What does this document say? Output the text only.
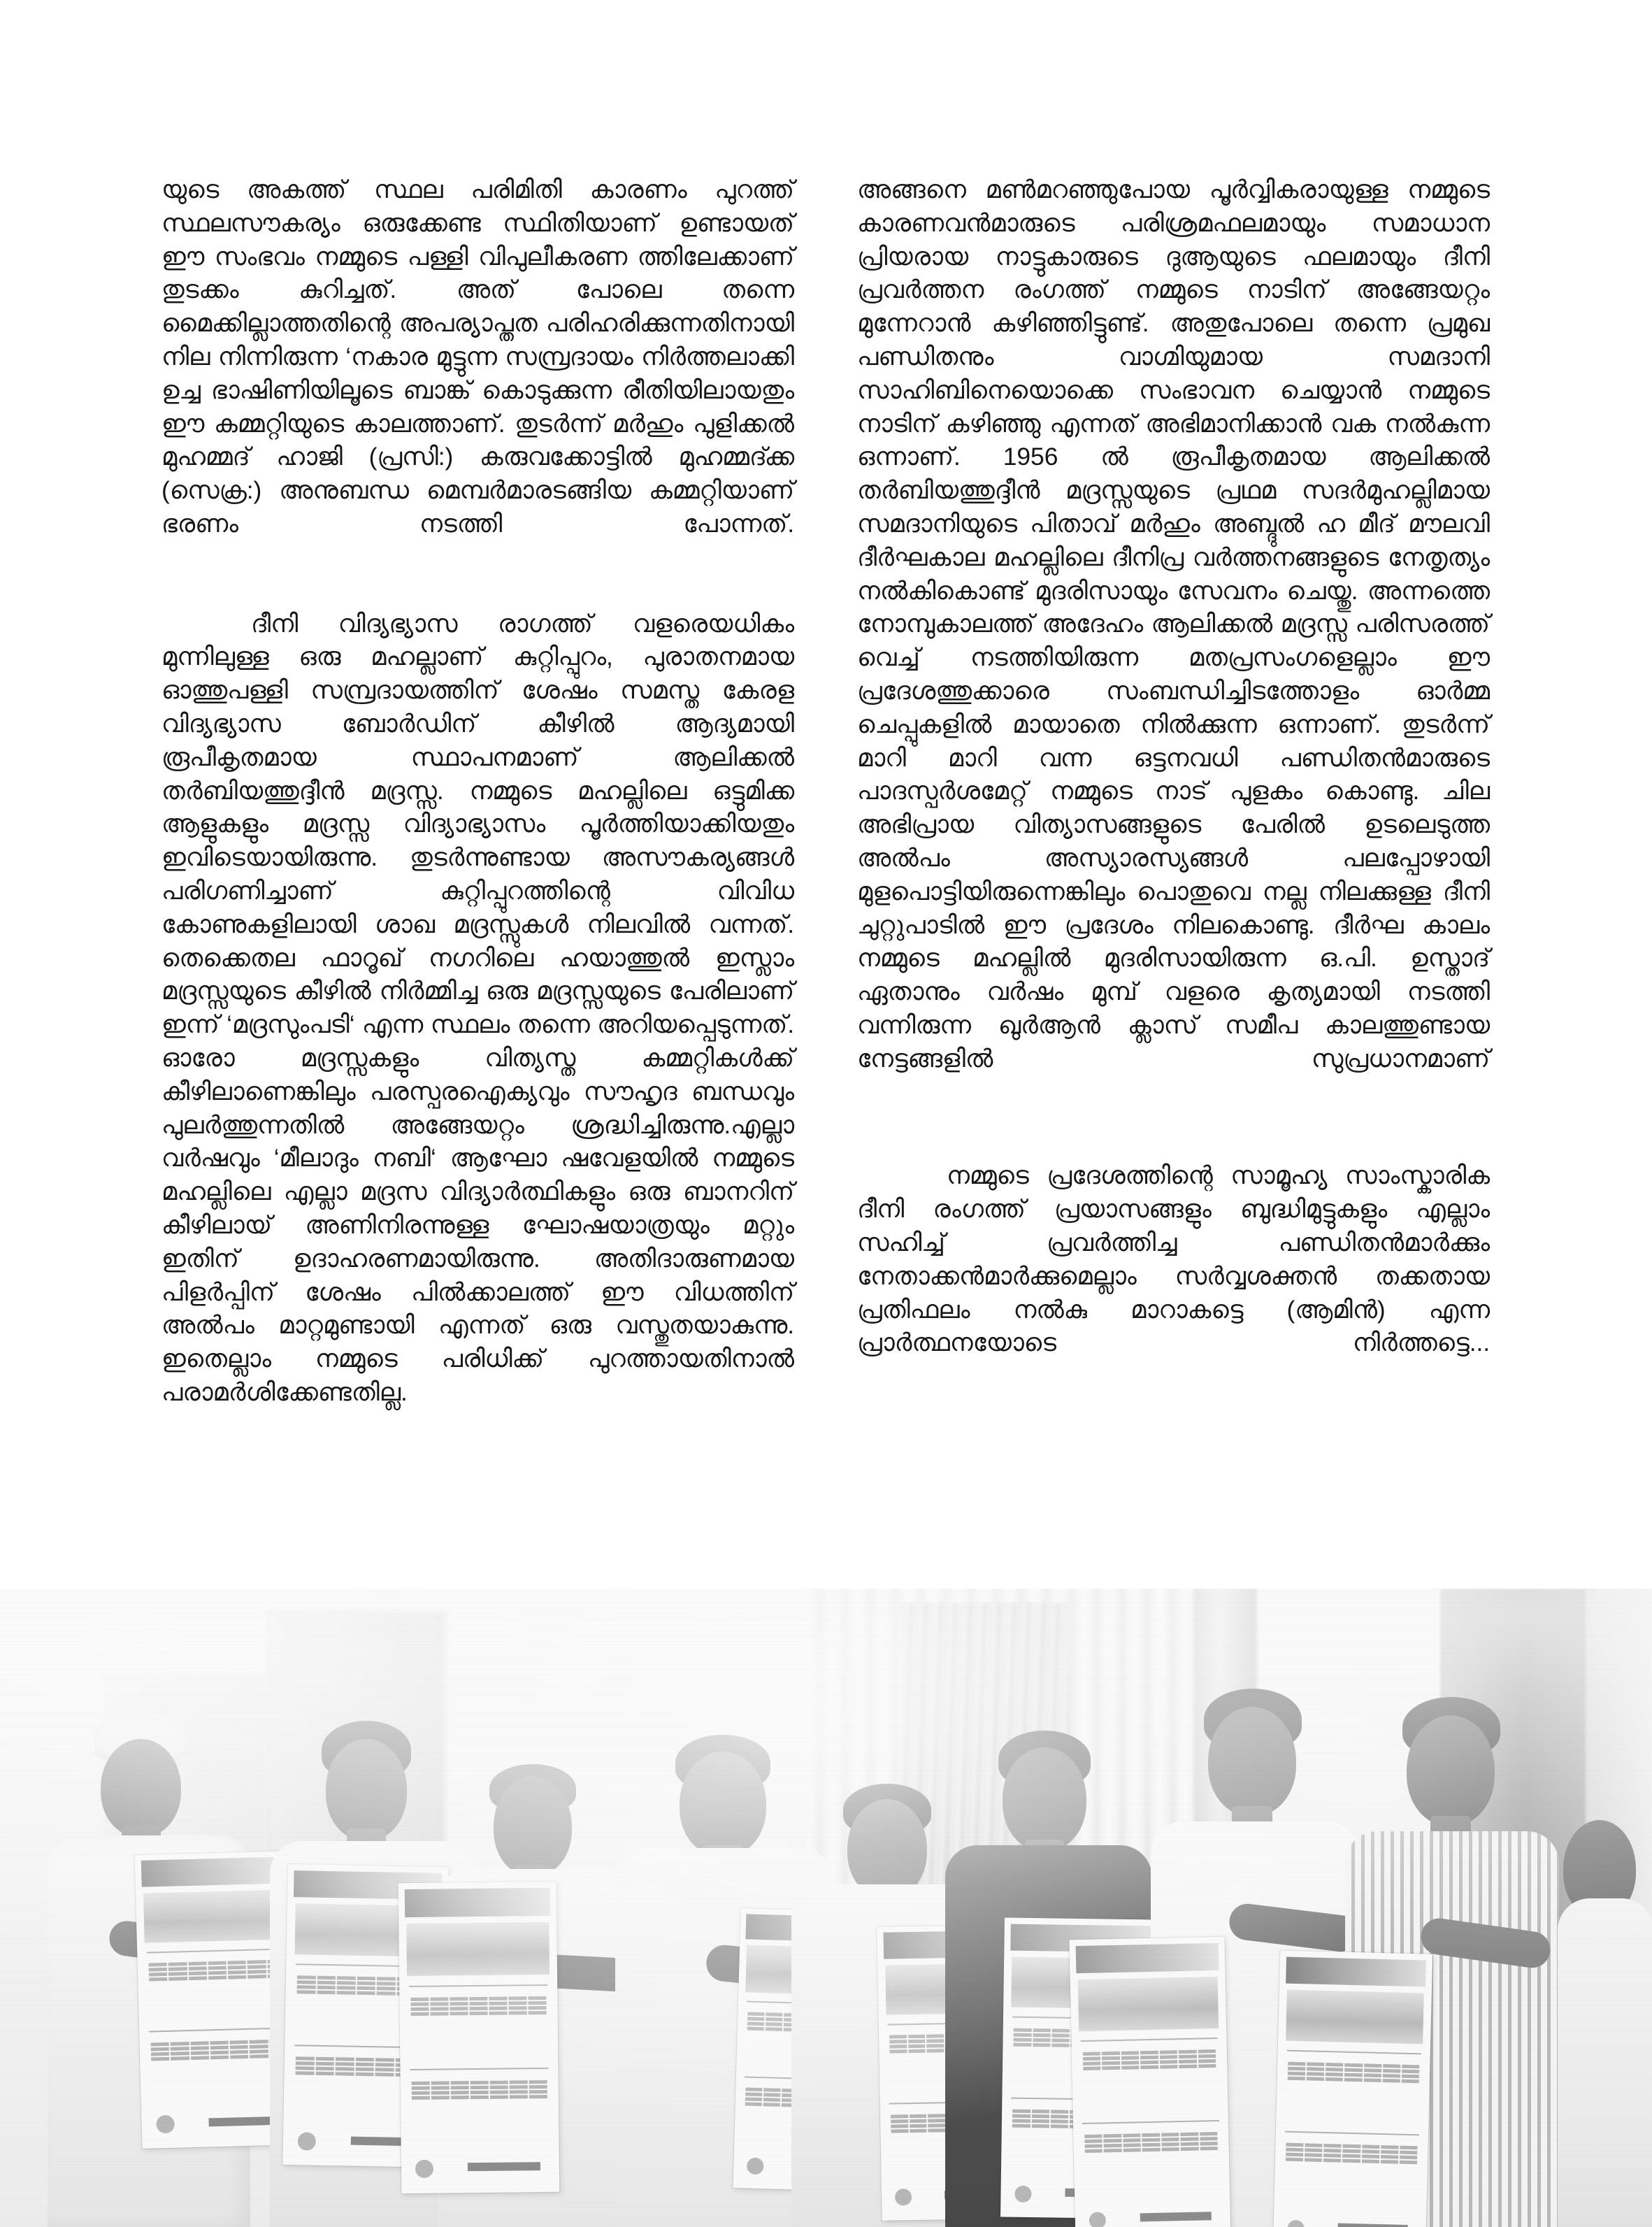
യുടെ അകത്ത് സ്ഥല പരിമിതി കാരണം പുറത്ത് സ്ഥലസൗകര്യം ഒരുക്കേണ്ട സ്ഥിതിയാണ് ഉണ്ടായത് ഈ സംഭവം നമ്മുടെ പള്ളി വിപുലീകരണ ത്തിലേക്കാണ് തുടക്കം കുറിച്ചത്. അത് പോലെ തന്നെ മൈക്കില്ലാത്തതിന്റെ അപര്യാപ്തത പരിഹരിക്കുന്നതിനായി നില നിന്നിരുന്ന ‘നകാര മുട്ടുന്ന സമ്പ്രദായം നിർത്തലാക്കി ഉച്ച ഭാഷിണിയിലൂടെ ബാങ്ക് കൊടുക്കുന്ന രീതിയിലായതും ഈ കമ്മറ്റിയുടെ കാലത്താണ്. തുടർന്ന് മർഹും പുളിക്കൽ മുഹമ്മദ് ഹാജി (പ്രസി:) കരുവക്കോട്ടിൽ മുഹമ്മദ്ക്ക (സെക്ര:) അനുബന്ധ മെമ്പർമാരടങ്ങിയ കമ്മറ്റിയാണ് ഭരണം നടത്തി പോന്നത്.

ദീനി വിദ്യഭ്യാസ രാഗത്ത് വളരെയധികം മുന്നിലുള്ള ഒരു മഹല്ലാണ് കുറ്റിപ്പുറം, പുരാതനമായ ഓത്തുപള്ളി സമ്പ്രദായത്തിന് ശേഷം സമസ്ത കേരള വിദ്യഭ്യാസ ബോർഡിന് കീഴിൽ ആദ്യമായി രൂപീകൃതമായ സ്ഥാപനമാണ് ആലിക്കൽ തർബിയത്തുദ്ദീൻ മദ്രസ്സ. നമ്മുടെ മഹല്ലിലെ ഒട്ടുമിക്ക ആളുകളും മദ്രസ്സ വിദ്യാഭ്യാസം പൂർത്തിയാക്കിയതും ഇവിടെയായിരുന്നു. തുടർന്നുണ്ടായ അസൗകര്യങ്ങൾ പരിഗണിച്ചാണ് കുറ്റിപ്പുറത്തിന്റെ വിവിധ കോണുകളിലായി ശാഖ മദ്രസ്സുകൾ നിലവിൽ വന്നത്. തെക്കെതല ഫാറൂഖ് നഗറിലെ ഹയാത്തുൽ ഇസ്ലാം മദ്രസ്സയുടെ കീഴിൽ നിർമ്മിച്ച ഒരു മദ്രസ്സയുടെ പേരിലാണ് ഇന്ന് ‘മദ്രസുംപടി‘ എന്ന സ്ഥലം തന്നെ അറിയപ്പെടുന്നത്. ഓരോ മദ്രസ്സകളും വിത്യസ്ത കമ്മറ്റികൾക്ക് കീഴിലാണെങ്കിലും പരസ്പരഐക്യവും സൗഹൃദ ബന്ധവും പുലർത്തുന്നതിൽ അങ്ങേയറ്റം ശ്രദ്ധിച്ചിരുന്നു.എല്ലാ വർഷവും ‘മീലാദും നബി‘ ആഘോ ഷവേളയിൽ നമ്മുടെ മഹല്ലിലെ എല്ലാ മദ്രസ വിദ്യാർത്ഥികളും ഒരു ബാനറിന് കീഴിലായ് അണിനിരന്നുള്ള ഘോഷയാത്രയും മറ്റും ഇതിന് ഉദാഹരണമായിരുന്നു. അതിദാരുണമായ പിളർപ്പിന് ശേഷം പിൽക്കാലത്ത് ഈ വിധത്തിന് അൽപം മാറ്റമുണ്ടായി എന്നത് ഒരു വസ്തുതയാകുന്നു. ഇതെല്ലാം നമ്മുടെ പരിധിക്ക് പുറത്തായതിനാൽ പരാമർശിക്കേണ്ടതില്ല.

അങ്ങനെ മൺമറഞ്ഞുപോയ പൂർവ്വികരായുള്ള നമ്മുടെ കാരണവൻമാരുടെ പരിശ്രമഫലമായും സമാധാന പ്രിയരായ നാട്ടുകാരുടെ ദുആയുടെ ഫലമായും ദീനി പ്രവർത്തന രംഗത്ത് നമ്മുടെ നാടിന് അങ്ങേയറ്റം മുന്നേറാൻ കഴിഞ്ഞിട്ടുണ്ട്. അതുപോലെ തന്നെ പ്രമുഖ പണ്ഡിതനും വാഗ്മിയുമായ സമദാനി സാഹിബിനെയൊക്കെ സംഭാവന ചെയ്യാൻ നമ്മുടെ നാടിന് കഴിഞ്ഞു എന്നത് അഭിമാനിക്കാൻ വക നൽകുന്ന ഒന്നാണ്. 1956 ൽ രൂപീകൃതമായ ആലിക്കൽ തർബിയത്തുദ്ദീൻ മദ്രസ്സയുടെ പ്രഥമ സദർമുഹല്ലിമായ സമദാനിയുടെ പിതാവ് മർഹും അബ്ദുൽ ഹ മീദ് മൗലവി ദീർഘകാല മഹല്ലിലെ ദീനിപ്ര വർത്തനങ്ങളുടെ നേതൃത്യം നൽകികൊണ്ട് മുദരിസായും സേവനം ചെയ്തു. അന്നത്തെ നോമ്പുകാലത്ത് അദേഹം ആലിക്കൽ മദ്രസ്സ പരിസരത്ത് വെച്ച് നടത്തിയിരുന്ന മതപ്രസംഗളെല്ലാം ഈ പ്രദേശത്തുക്കാരെ സംബന്ധിച്ചിടത്തോളം ഓർമ്മ ചെപ്പുകളിൽ മായാതെ നിൽക്കുന്ന ഒന്നാണ്. തുടർന്ന് മാറി മാറി വന്ന ഒട്ടനവധി പണ്ഡിതൻമാരുടെ പാദസ്പർശമേറ്റ് നമ്മുടെ നാട് പുളകം കൊണ്ടു. ചില അഭിപ്രായ വിത്യാസങ്ങളുടെ പേരിൽ ഉടലെടുത്ത അൽപം അസ്യാരസ്യങ്ങൾ പലപ്പോഴായി മുളപൊട്ടിയിരുന്നെങ്കിലും പൊതുവെ നല്ല നിലക്കുള്ള ദീനി ചുറ്റുപാടിൽ ഈ പ്രദേശം നിലകൊണ്ടു. ദീർഘ കാലം നമ്മുടെ മഹല്ലിൽ മുദരിസായിരുന്ന ഒ.പി. ഉസ്താദ് ഏതാനും വർഷം മുമ്പ് വളരെ കൃത്യമായി നടത്തി വന്നിരുന്ന ഖുർആൻ ക്ലാസ് സമീപ കാലത്തുണ്ടായ നേട്ടങ്ങളിൽ സുപ്രധാനമാണ്

നമ്മുടെ പ്രദേശത്തിന്റെ സാമൂഹ്യ സാംസ്കാരിക ദീനി രംഗത്ത് പ്രയാസങ്ങളും ബുദ്ധിമുട്ടുകളും എല്ലാം സഹിച്ച് പ്രവർത്തിച്ച പണ്ഡിതൻമാർക്കും നേതാക്കൻമാർക്കുമെല്ലാം സർവ്വശക്തൻ തക്കതായ പ്രതിഫലം നൽകു മാറാകട്ടെ (ആമിൻ) എന്ന പ്രാർത്ഥനയോടെ നിർത്തട്ടെ...
